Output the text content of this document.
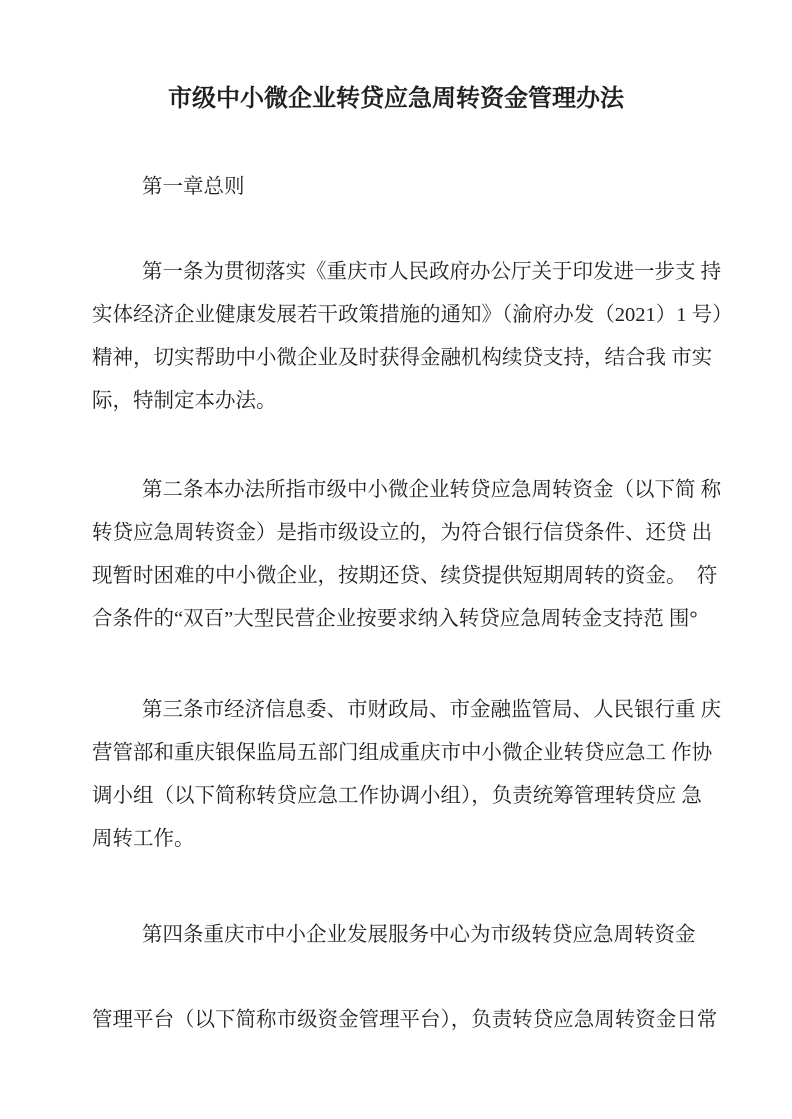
市级中小微企业转贷应急周转资金管理办法
第一章总则
第一条为贯彻落实《重庆市人民政府办公厅关于印发进一步支 持
实体经济企业健康发展若干政策措施的通知》（渝府办发（2021）1 号）
精神，切实帮助中小微企业及时获得金融机构续贷支持，结合我 市实
际，特制定本办法。
第二条本办法所指市级中小微企业转贷应急周转资金（以下简 称
转贷应急周转资金）是指市级设立的，为符合银行信贷条件、还贷 出
现暂时困难的中小微企业，按期还贷、续贷提供短期周转的资金。　符
合条件的“双百”大型民营企业按要求纳入转贷应急周转金支持范 围°
第三条市经济信息委、市财政局、市金融监管局、人民银行重 庆
营管部和重庆银保监局五部门组成重庆市中小微企业转贷应急工 作协
调小组（以下简称转贷应急工作协调小组），负责统筹管理转贷应 急
周转工作。
第四条重庆市中小企业发展服务中心为市级转贷应急周转资金
管理平台（以下简称市级资金管理平台），负责转贷应急周转资金日常
